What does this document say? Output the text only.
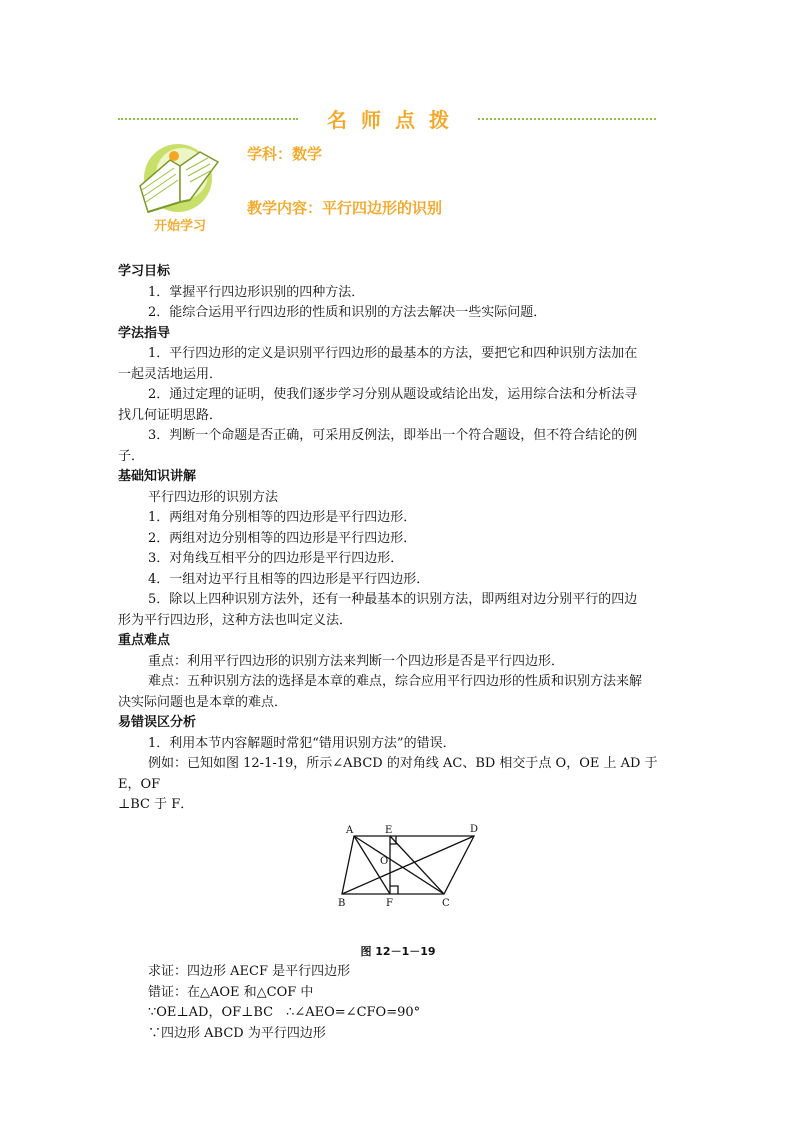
名师点拨
开始学习
学科：数学
教学内容：平行四边形的识别

学习目标

1．掌握平行四边形识别的四种方法．

2．能综合运用平行四边形的性质和识别的方法去解决一些实际问题．

学法指导

1．平行四边形的定义是识别平行四边形的最基本的方法，要把它和四种识别方法加在

一起灵活地运用．

2．通过定理的证明，使我们逐步学习分别从题设或结论出发，运用综合法和分析法寻

找几何证明思路．

3．判断一个命题是否正确，可采用反例法，即举出一个符合题设，但不符合结论的例

子．

基础知识讲解

平行四边形的识别方法

1．两组对角分别相等的四边形是平行四边形．

2．两组对边分别相等的四边形是平行四边形．

3．对角线互相平分的四边形是平行四边形．

4．一组对边平行且相等的四边形是平行四边形．

5．除以上四种识别方法外，还有一种最基本的识别方法，即两组对边分别平行的四边

形为平行四边形，这种方法也叫定义法．

重点难点

重点：利用平行四边形的识别方法来判断一个四边形是否是平行四边形．

难点：五种识别方法的选择是本章的难点，综合应用平行四边形的性质和识别方法来解

决实际问题也是本章的难点．

易错误区分析

1．利用本节内容解题时常犯“错用识别方法”的错误．

例如：已知如图 12-1-19，所示∠ABCD 的对角线 AC、BD 相交于点 O，OE 上 AD 于 E，OF

⊥BC 于 F．

A	E	D
O
B	F	C

图 12－1－19

求证：四边形 AECF 是平行四边形

错证：在△AOE 和△COF 中

∵OE⊥AD，OF⊥BC　∴∠AEO=∠CFO=90°

∵四边形 ABCD 为平行四边形
